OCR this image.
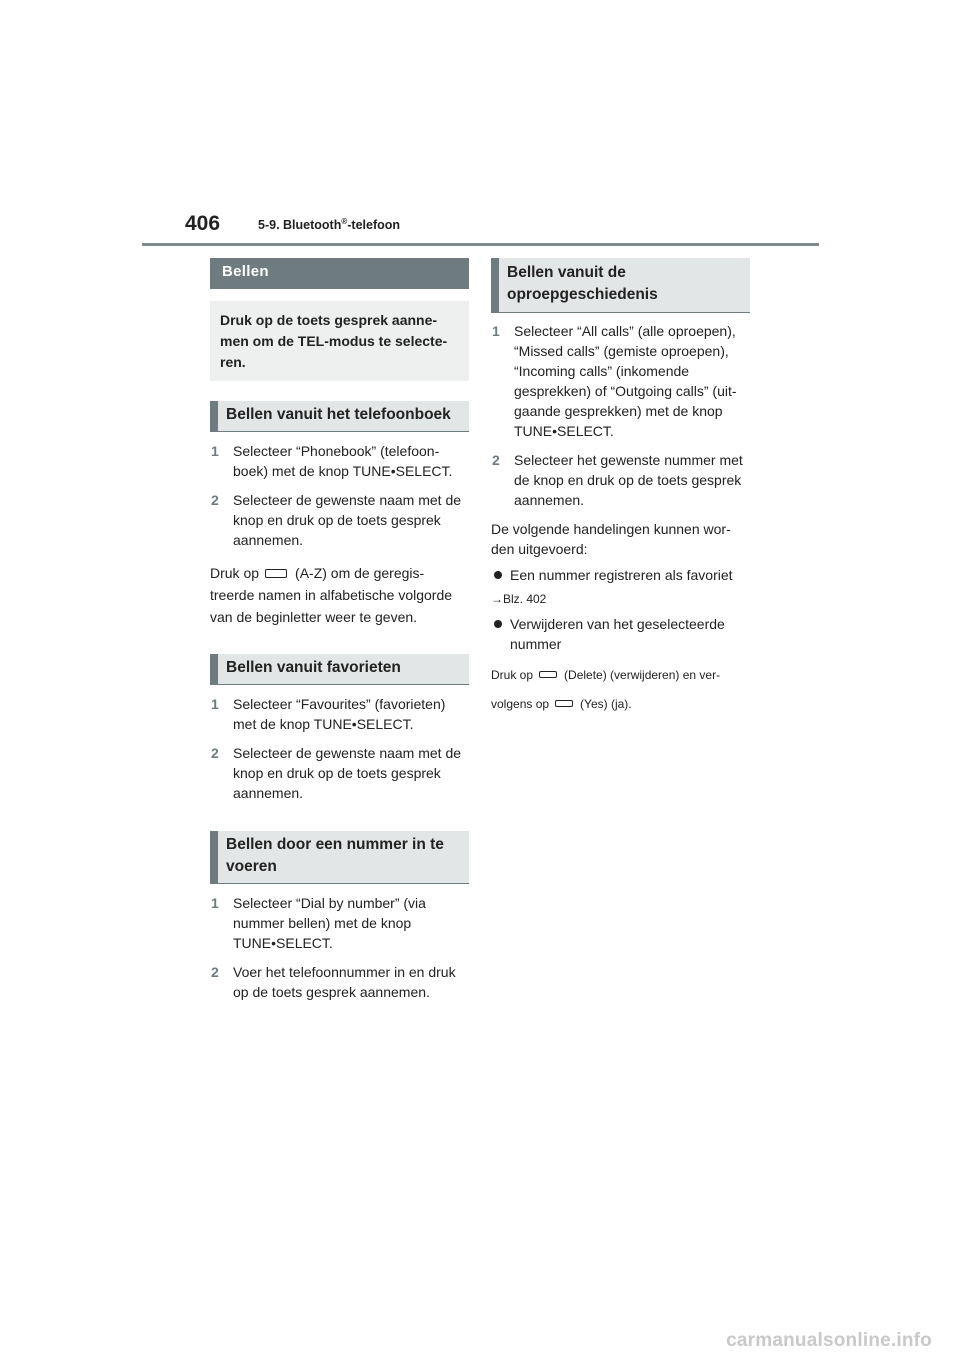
406	5-9. Bluetooth®-telefoon
Bellen
Druk op de toets gesprek aanne-men om de TEL-modus te selecte-ren.
Bellen vanuit het telefoonboek
1 Selecteer “Phonebook” (telefoon-boek) met de knop TUNE•SELECT.
2 Selecteer de gewenste naam met de knop en druk op de toets gesprek aannemen.
Druk op	(A-Z) om de geregis- treerde namen in alfabetische volgorde van de beginletter weer te geven.
Bellen vanuit favorieten
1 Selecteer “Favourites” (favorieten) met de knop TUNE•SELECT.
2 Selecteer de gewenste naam met de knop en druk op de toets gesprek aannemen.
Bellen door een nummer in te voeren
1 Selecteer “Dial by number” (via nummer bellen) met de knop TUNE•SELECT.
2 Voer het telefoonnummer in en druk op de toets gesprek aannemen.
Bellen vanuit de oproepgeschiedenis
1 Selecteer “All calls” (alle oproepen), “Missed calls” (gemiste oproepen), “Incoming calls” (inkomende gesprekken) of “Outgoing calls” (uit-gaande gesprekken) met de knop TUNE•SELECT.
2 Selecteer het gewenste nummer met de knop en druk op de toets gesprek aannemen.
De volgende handelingen kunnen wor-den uitgevoerd:
Een nummer registreren als favoriet
→Blz. 402
Verwijderen van het geselecteerde nummer
Druk op	(Delete) (verwijderen) en ver-
volgens op	(Yes) (ja).
carmanualsonline.info
